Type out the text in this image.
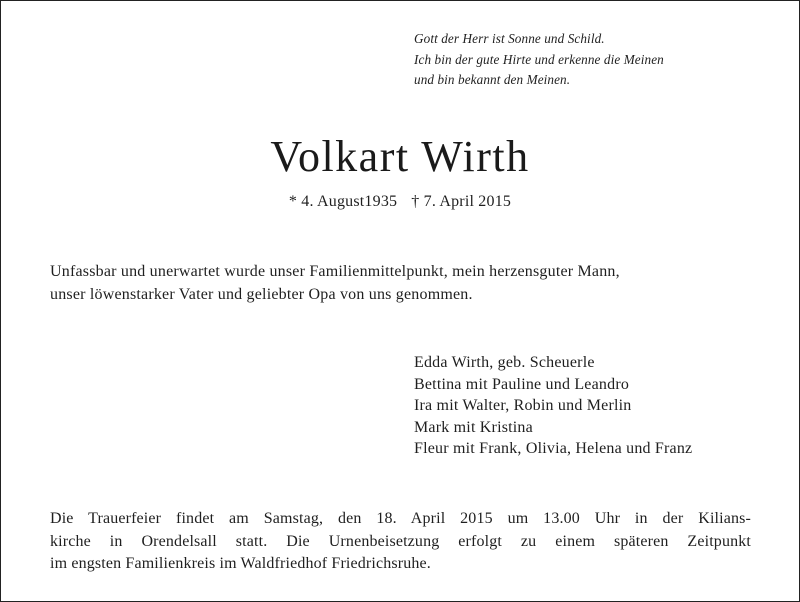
Gott der Herr ist Sonne und Schild.
Ich bin der gute Hirte und erkenne die Meinen
und bin bekannt den Meinen.
Volkart Wirth
* 4. August1935 † 7. April 2015
Unfassbar und unerwartet wurde unser Familienmittelpunkt, mein herzensguter Mann,
unser löwenstarker Vater und geliebter Opa von uns genommen.
Edda Wirth, geb. Scheuerle
Bettina mit Pauline und Leandro
Ira mit Walter, Robin und Merlin
Mark mit Kristina
Fleur mit Frank, Olivia, Helena und Franz
Die Trauerfeier findet am Samstag, den 18. April 2015 um 13.00 Uhr in der Kilians-
kirche in Orendelsall statt. Die Urnenbeisetzung erfolgt zu einem späteren Zeitpunkt
im engsten Familienkreis im Waldfriedhof Friedrichsruhe.
